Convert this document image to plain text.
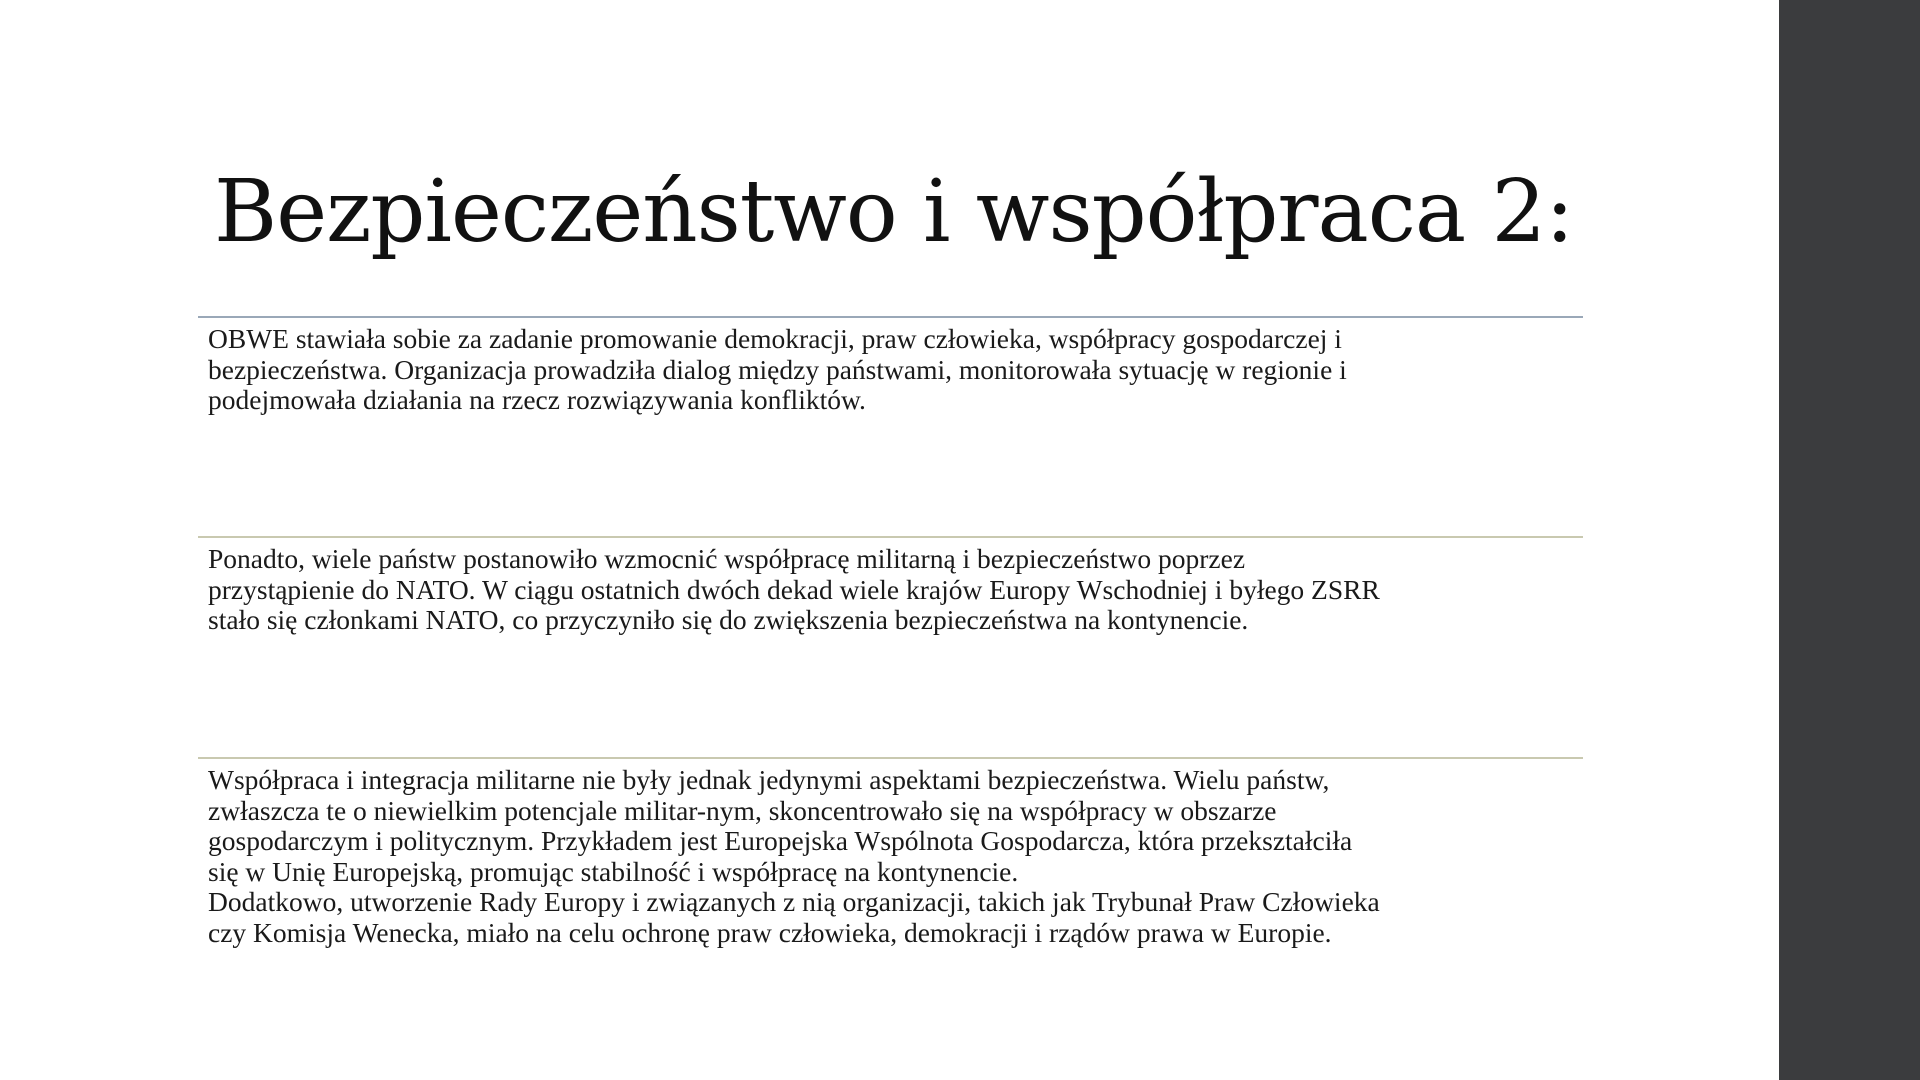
Bezpieczeństwo i współpraca 2:

OBWE stawiała sobie za zadanie promowanie demokracji, praw człowieka, współpracy gospodarczej i
bezpieczeństwa. Organizacja prowadziła dialog między państwami, monitorowała sytuację w regionie i
podejmowała działania na rzecz rozwiązywania konfliktów.

Ponadto, wiele państw postanowiło wzmocnić współpracę militarną i bezpieczeństwo poprzez
przystąpienie do NATO. W ciągu ostatnich dwóch dekad wiele krajów Europy Wschodniej i byłego ZSRR
stało się członkami NATO, co przyczyniło się do zwiększenia bezpieczeństwa na kontynencie.

Współpraca i integracja militarne nie były jednak jedynymi aspektami bezpieczeństwa. Wielu państw,
zwłaszcza te o niewielkim potencjale militar-nym, skoncentrowało się na współpracy w obszarze
gospodarczym i politycznym. Przykładem jest Europejska Wspólnota Gospodarcza, która przekształciła
się w Unię Europejską, promując stabilność i współpracę na kontynencie.
Dodatkowo, utworzenie Rady Europy i związanych z nią organizacji, takich jak Trybunał Praw Człowieka
czy Komisja Wenecka, miało na celu ochronę praw człowieka, demokracji i rządów prawa w Europie.
